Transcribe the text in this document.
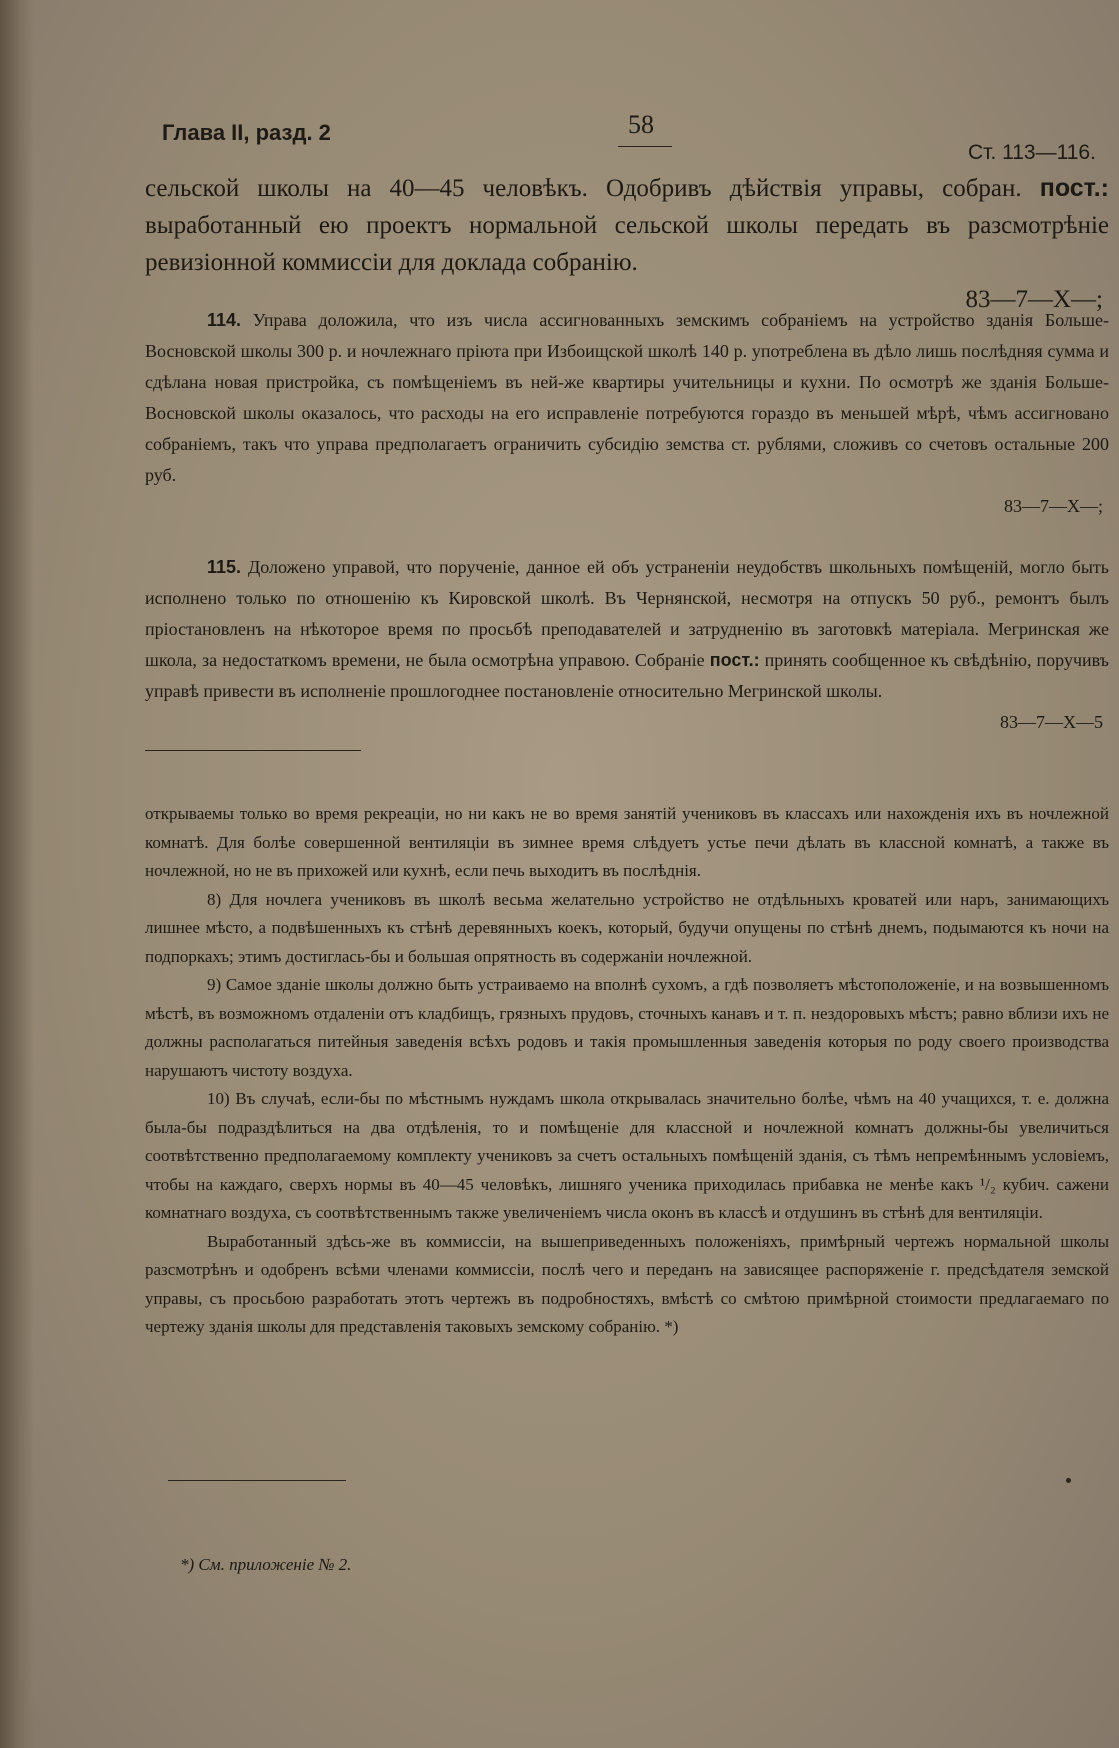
Глава II, разд. 2	58
Ст. 113—116.

сельской школы на 40—45 человѣкъ. Одобривъ дѣйствія управы, собран. пост.: выработанный ею проектъ нормальной сельской школы передать въ разсмотрѣніе ревизіонной коммиссіи для доклада собранію.
83—7—X—;

114. Управа доложила, что изъ числа ассигнованныхъ земскимъ собраніемъ на устройство зданія Больше-Восновской школы 300 р. и ночлежнаго пріюта при Избоищской школѣ 140 р. употреблена въ дѣло лишь послѣдняя сумма и сдѣлана новая пристройка, съ помѣщеніемъ въ ней-же квартиры учительницы и кухни. По осмотрѣ же зданія Больше-Восновской школы оказалось, что расходы на его исправленіе потребуются гораздо въ меньшей мѣрѣ, чѣмъ ассигновано собраніемъ, такъ что управа предполагаетъ ограничить субсидію земства ст. рублями, сложивъ со счетовъ остальные 200 руб.
83—7—X—;

115. Доложено управой, что порученіе, данное ей объ устраненіи неудобствъ школьныхъ помѣщеній, могло быть исполнено только по отношенію къ Кировской школѣ. Въ Чернянской, несмотря на отпускъ 50 руб., ремонтъ былъ пріостановленъ на нѣкоторое время по просьбѣ преподавателей и затрудненію въ заготовкѣ матеріала. Мегринская же школа, за недостаткомъ времени, не была осмотрѣна управою. Собраніе пост.: принять сообщенное къ свѣдѣнію, поручивъ управѣ привести въ исполненіе прошлогоднее постановленіе относительно Мегринской школы.
83—7—X—5

открываемы только во время рекреаціи, но ни какъ не во время занятій учениковъ въ классахъ или нахожденія ихъ въ ночлежной комнатѣ. Для болѣе совершенной вентиляціи въ зимнее время слѣдуетъ устье печи дѣлать въ классной комнатѣ, а также въ ночлежной, но не въ прихожей или кухнѣ, если печь выходитъ въ послѣднія.

8) Для ночлега учениковъ въ школѣ весьма желательно устройство не отдѣльныхъ кроватей или наръ, занимающихъ лишнее мѣсто, а подвѣшенныхъ къ стѣнѣ деревянныхъ коекъ, который, будучи опущены по стѣнѣ днемъ, подымаются къ ночи на подпоркахъ; этимъ достиглась-бы и большая опрятность въ содержаніи ночлежной.

9) Самое зданіе школы должно быть устраиваемо на вполнѣ сухомъ, а гдѣ позволяетъ мѣстоположеніе, и на возвышенномъ мѣстѣ, въ возможномъ отдаленіи отъ кладбищъ, грязныхъ прудовъ, сточныхъ канавъ и т. п. нездоровыхъ мѣстъ; равно вблизи ихъ не должны располагаться питейныя заведенія всѣхъ родовъ и такія промышленныя заведенія которыя по роду своего производства нарушаютъ чистоту воздуха.

10) Въ случаѣ, если-бы по мѣстнымъ нуждамъ школа открывалась значительно болѣе, чѣмъ на 40 учащихся, т. е. должна была-бы подраздѣлиться на два отдѣленія, то и помѣщеніе для классной и ночлежной комнатъ должны-бы увеличиться соотвѣтственно предполагаемому комплекту учениковъ за счетъ остальныхъ помѣщеній зданія, съ тѣмъ непремѣннымъ условіемъ, чтобы на каждаго, сверхъ нормы въ 40—45 человѣкъ, лишняго ученика приходилась прибавка не менѣе какъ ¹/₂ кубич. сажени комнатнаго воздуха, съ соотвѣтственнымъ также увеличеніемъ числа оконъ въ классѣ и отдушинъ въ стѣнѣ для вентиляціи.

Выработанный здѣсь-же въ коммиссіи, на вышеприведенныхъ положеніяхъ, примѣрный чертежъ нормальной школы разсмотрѣнъ и одобренъ всѣми членами коммиссіи, послѣ чего и переданъ на зависящее распоряженіе г. предсѣдателя земской управы, съ просьбою разработать этотъ чертежъ въ подробностяхъ, вмѣстѣ со смѣтою примѣрной стоимости предлагаемаго по чертежу зданія школы для представленія таковыхъ земскому собранію. *)

*) См. приложеніе № 2.
